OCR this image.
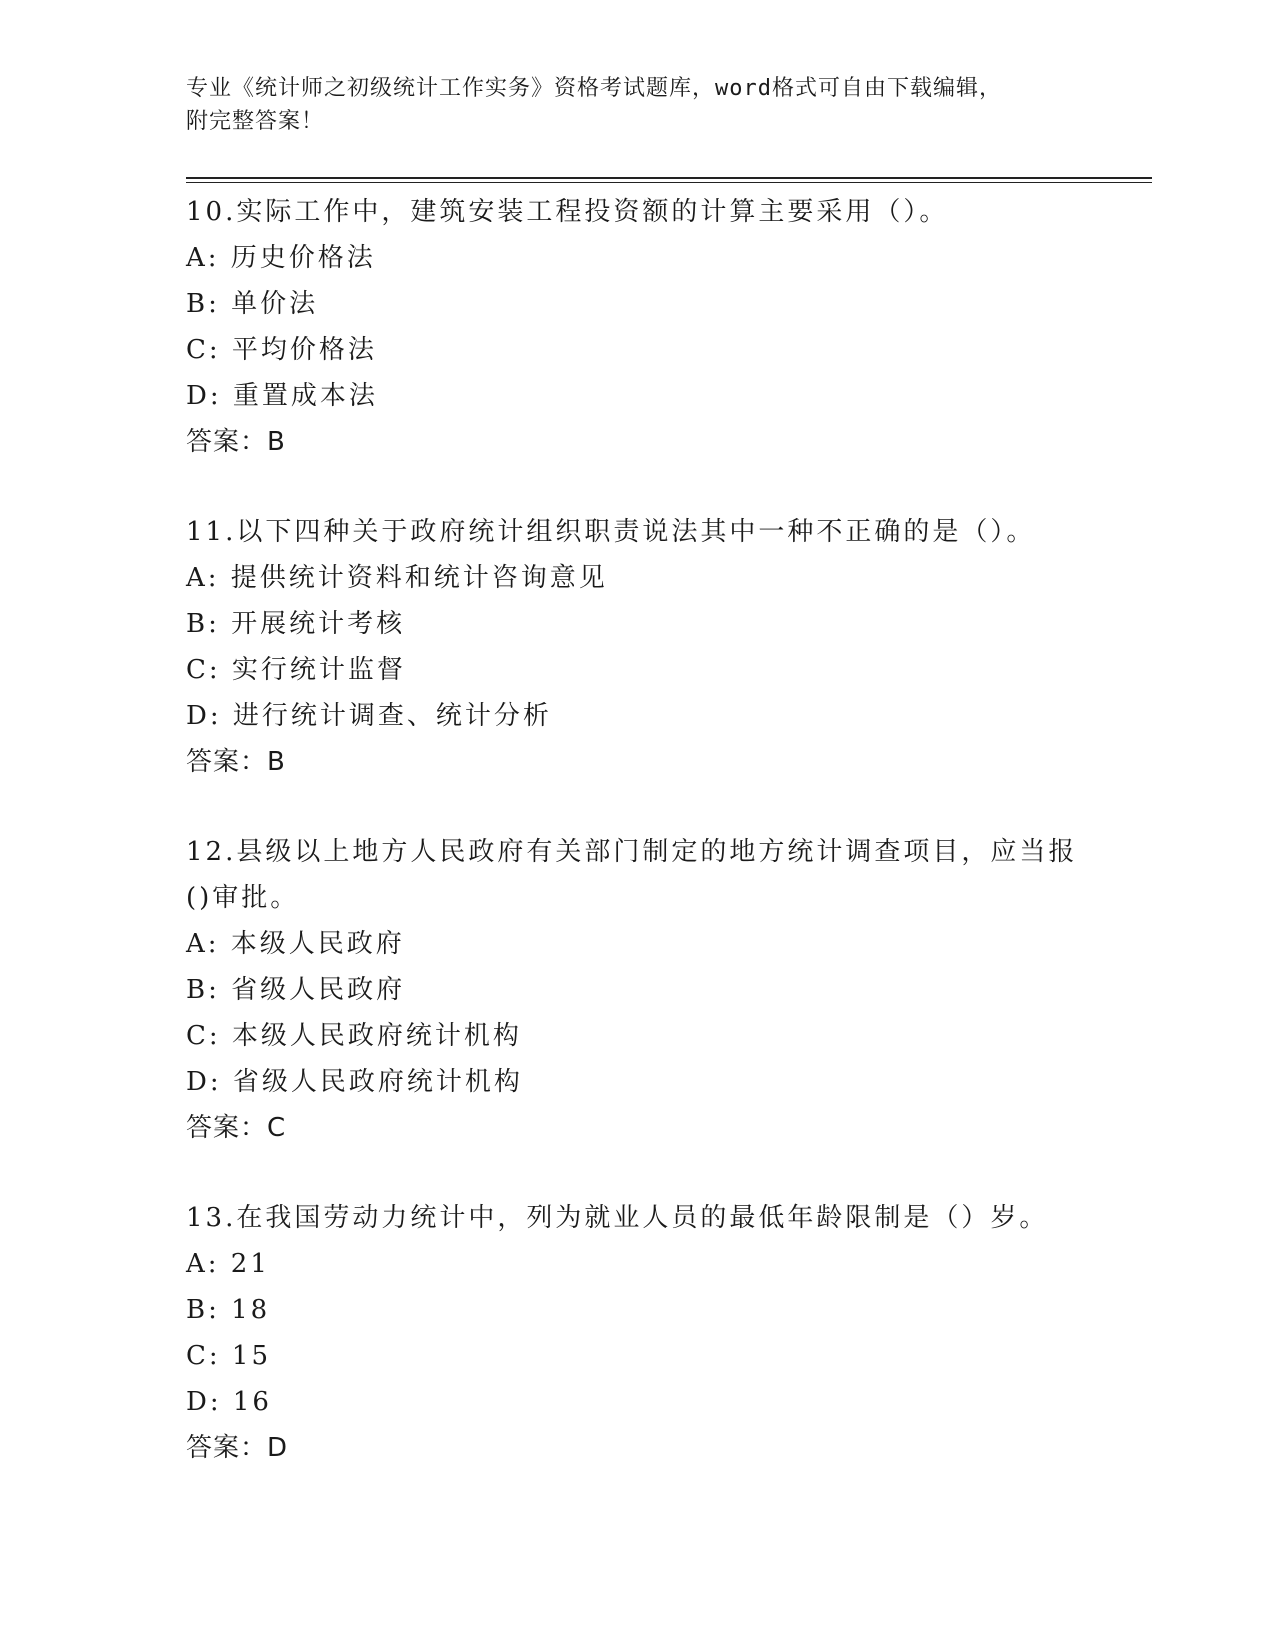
专业《统计师之初级统计工作实务》资格考试题库，word格式可自由下载编辑，
附完整答案！
10.实际工作中，建筑安装工程投资额的计算主要采用（）。
A: 历史价格法
B: 单价法
C: 平均价格法
D: 重置成本法
答案：B
11.以下四种关于政府统计组织职责说法其中一种不正确的是（）。
A: 提供统计资料和统计咨询意见
B: 开展统计考核
C: 实行统计监督
D: 进行统计调查、统计分析
答案：B
12.县级以上地方人民政府有关部门制定的地方统计调查项目，应当报()审批。
A: 本级人民政府
B: 省级人民政府
C: 本级人民政府统计机构
D: 省级人民政府统计机构
答案：C
13.在我国劳动力统计中，列为就业人员的最低年龄限制是（）岁。
A: 21
B: 18
C: 15
D: 16
答案：D
